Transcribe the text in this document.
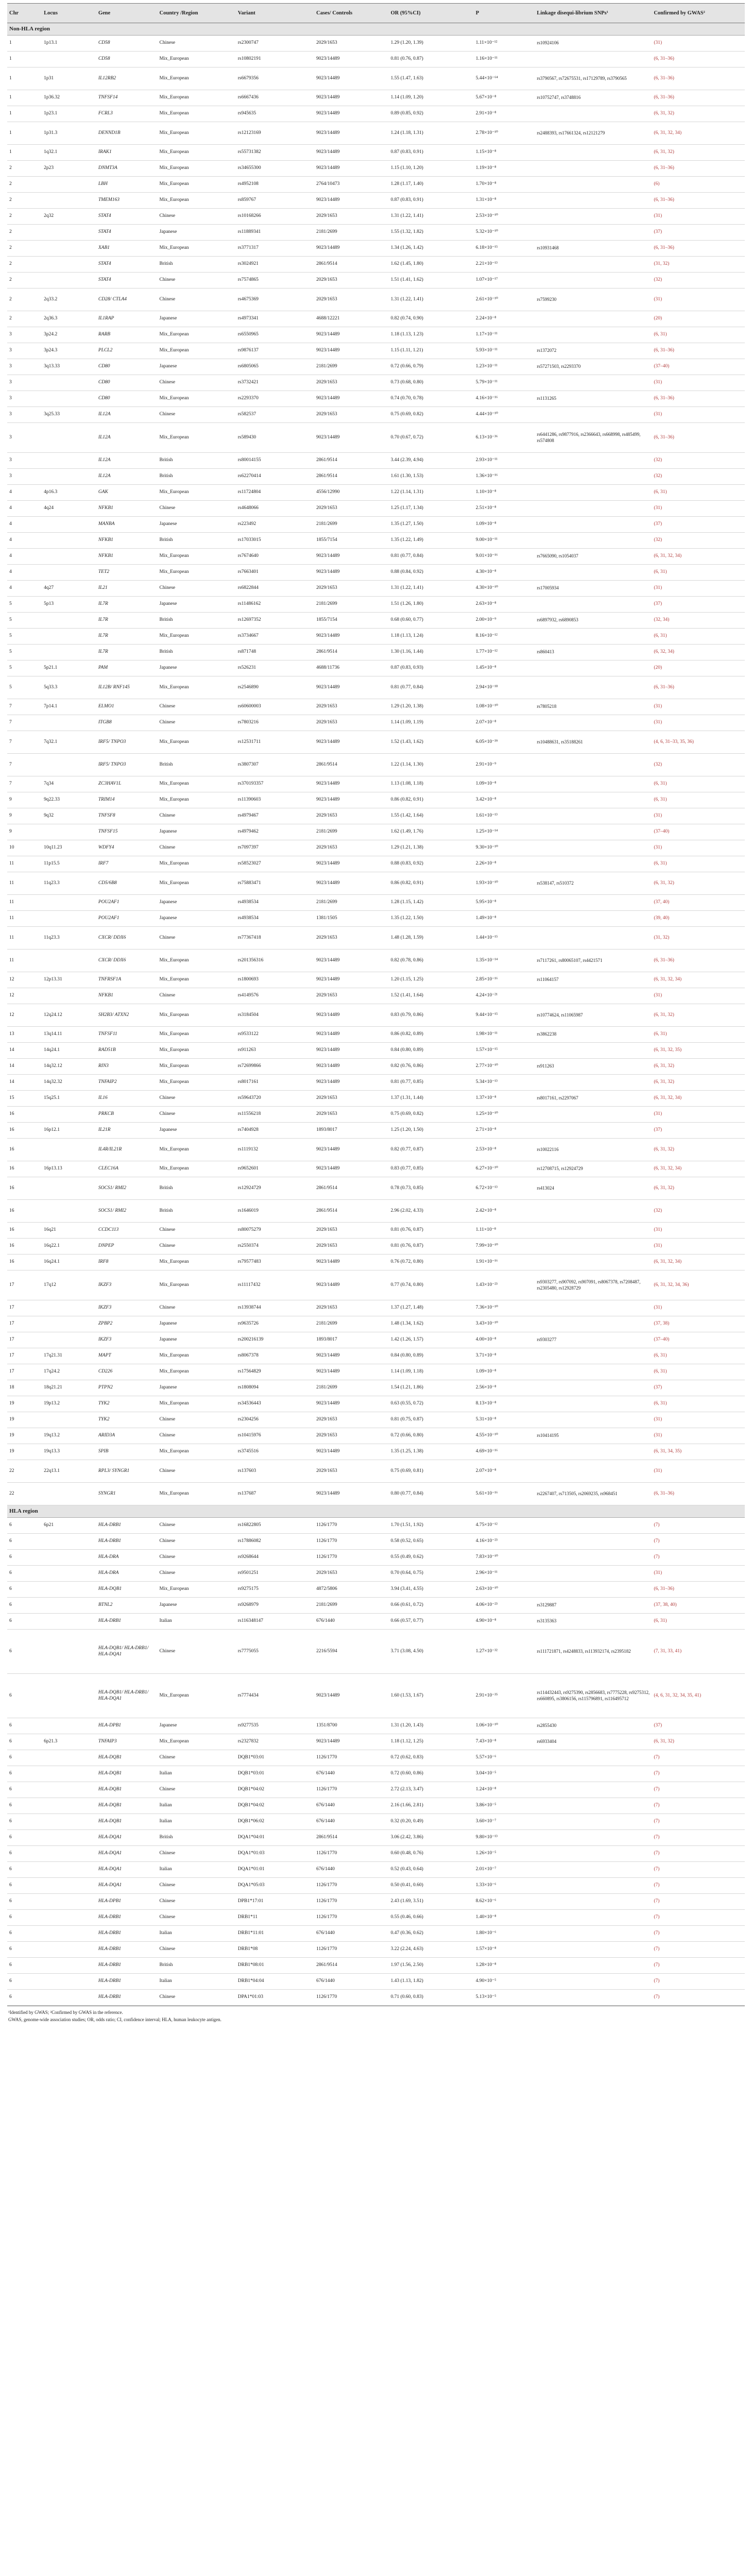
Chr	Locus	Gene	Country /Region	Variant	Cases/ Controls	OR (95%CI)	P	Linkage disequi-librium SNPs¹	Confirmed by GWAS²
Non-HLA region									
1	1p13.1	CD58	Chinese	rs2300747	2029/1653	1.29 (1.20, 1.39)	1.11×10⁻¹²	rs10924106	(31)
1		CD58	Mix_European	rs10802191	9023/14489	0.81 (0.76, 0.87)	1.16×10⁻¹¹		(6, 31–36)
1	1p31	IL12RB2	Mix_European	rs6679356	9023/14489	1.55 (1.47, 1.63)	5.44×10⁻⁶⁴	rs3790567, rs72675531, rs17129789, rs3790565	(6, 31–36)
1	1p36.32	TNFSF14	Mix_European	rs6667436	9023/14489	1.14 (1.09, 1.20)	5.67×10⁻⁸	rs10752747, rs3748816	(6, 31–36)
1	1p23.1	FCRL3	Mix_European	rs945635	9023/14489	0.89 (0.85, 0.92)	2.91×10⁻⁸		(6, 31, 32)
1	1p31.3	DENND1B	Mix_European	rs12123169	9023/14489	1.24 (1.18, 1.31)	2.78×10⁻¹⁰	rs2488393, rs17661324, rs12121279	(6, 31, 32, 34)
1	1q32.1	IRAK1	Mix_European	rs55731382	9023/14489	0.87 (0.83, 0.91)	1.15×10⁻⁸		(6, 31, 32)
2	2p23	DNMT3A	Mix_European	rs34655300	9023/14489	1.15 (1.10, 1.20)	1.19×10⁻⁸		(6, 31–36)
2		LBH	Mix_European	rs4952108	2764/10473	1.28 (1.17, 1.40)	1.70×10⁻⁸		(6)
2		TMEM163	Mix_European	rs859767	9023/14489	0.87 (0.83, 0.91)	1.31×10⁻⁸		(6, 31–36)
2	2q32	STAT4	Chinese	rs10168266	2029/1653	1.31 (1.22, 1.41)	2.53×10⁻¹⁰		(31)
2		STAT4	Japanese	rs11889341	2181/2699	1.55 (1.32, 1.82)	5.32×10⁻¹⁰		(37)
2		XAB1	Mix_European	rs3771317	9023/14489	1.34 (1.26, 1.42)	6.18×10⁻¹⁵	rs10931468	(6, 31–36)
2		STAT4	British	rs3024921	2861/9514	1.62 (1.45, 1.80)	2.21×10⁻¹³		(31, 32)
2		STAT4	Chinese	rs7574865	2029/1653	1.51 (1.41, 1.62)	1.07×10⁻¹⁷		(32)
2	2q33.2	CD28/ CTLA4	Chinese	rs4675369	2029/1653	1.31 (1.22, 1.41)	2.61×10⁻¹⁰	rs7599230	(31)
2	2q36.3	IL1RAP	Japanese	rs4973341	4688/12221	0.82 (0.74, 0.90)	2.24×10⁻⁸		(20)
3	3p24.2	RARB	Mix_European	rs6550965	9023/14489	1.18 (1.13, 1.23)	1.17×10⁻¹¹		(6, 31)
3	3p24.3	PLCL2	Mix_European	rs9876137	9023/14489	1.15 (1.11, 1.21)	5.93×10⁻¹¹	rs1372072	(6, 31–36)
3	3q13.33	CD80	Japanese	rs6805065	2181/2699	0.72 (0.66, 0.79)	1.23×10⁻¹¹	rs57271503, rs2293370	(37–40)
3		CD80	Chinese	rs3732421	2029/1653	0.73 (0.68, 0.80)	5.79×10⁻¹¹		(31)
3		CD80	Mix_European	rs2293370	9023/14489	0.74 (0.70, 0.78)	4.16×10⁻¹⁶	rs1131265	(6, 31–36)
3	3q25.33	IL12A	Chinese	rs582537	2029/1653	0.75 (0.69, 0.82)	4.44×10⁻¹⁰		(31)
3		IL12A	Mix_European	rs589430	9023/14489	0.70 (0.67, 0.72)	6.13×10⁻³⁶	rs6441286, rs9877916, rs2366643, rs668998, rs485499, rs574808	(6, 31–36)
3		IL12A	British	rs80014155	2861/9514	3.44 (2.39, 4.94)	2.93×10⁻¹¹		(32)
3		IL12A	British	rs62270414	2861/9514	1.61 (1.30, 1.53)	1.36×10⁻¹⁶		(32)
4	4p16.3	GAK	Mix_European	rs11724804	4556/12990	1.22 (1.14, 1.31)	1.10×10⁻⁸		(6, 31)
4	4q24	NFKB1	Chinese	rs4648066	2029/1653	1.25 (1.17, 1.34)	2.51×10⁻⁸		(31)
4		MANBA	Japanese	rs223492	2181/2699	1.35 (1.27, 1.50)	1.09×10⁻⁸		(37)
4		NFKB1	British	rs17033015	1855/7154	1.35 (1.22, 1.49)	9.00×10⁻¹¹		(32)
4		NFKB1	Mix_European	rs7674640	9023/14489	0.81 (0.77, 0.84)	9.01×10⁻¹⁶	rs7665090, rs1054037	(6, 31, 32, 34)
4		TET2	Mix_European	rs7663401	9023/14489	0.88 (0.84, 0.92)	4.30×10⁻⁸		(6, 31)
4	4q27	IL21	Chinese	rs6822844	2029/1653	1.31 (1.22, 1.41)	4.30×10⁻¹⁰	rs17005934	(31)
5	5p13	IL7R	Japanese	rs11486162	2181/2699	1.51 (1.26, 1.80)	2.63×10⁻⁸		(37)
5		IL7R	British	rs12697352	1855/7154	0.68 (0.60, 0.77)	2.00×10⁻⁹	rs6897932, rs6890853	(32, 34)
5		IL7R	Mix_European	rs3734667	9023/14489	1.18 (1.13, 1.24)	8.16×10⁻¹²		(6, 31)
5		IL7R	British	rs871748	2861/9514	1.30 (1.16, 1.44)	1.77×10⁻¹²	rs860413	(6, 32, 34)
5	5p21.1	PAM	Japanese	rs526231	4688/11736	0.87 (0.83, 0.93)	1.45×10⁻⁸		(20)
5	5q33.3	IL12B/ RNF145	Mix_European	rs2546890	9023/14489	0.81 (0.77, 0.84)	2.94×10⁻¹⁸		(6, 31–36)
7	7p14.1	ELMO1	Chinese	rs60600003	2029/1653	1.29 (1.20, 1.38)	1.08×10⁻¹⁰	rs7805218	(31)
7		ITGB8	Chinese	rs7803216	2029/1653	1.14 (1.09, 1.19)	2.07×10⁻⁸		(31)
7	7q32.1	IRF5/ TNPO3	Mix_European	rs12531711	9023/14489	1.52 (1.43, 1.62)	6.05×10⁻³⁹	rs10488631, rs35188261	(4, 6, 31–33, 35, 36)
7		IRF5/ TNPO3	British	rs3807307	2861/9514	1.22 (1.14, 1.30)	2.91×10⁻⁹		(32)
7	7q34	ZC3HAV1L	Mix_European	rs370193357	9023/14489	1.13 (1.08, 1.18)	1.09×10⁻⁸		(6, 31)
9	9q22.33	TRIM14	Mix_European	rs11390603	9023/14489	0.86 (0.82, 0.91)	3.42×10⁻⁸		(6, 31)
9	9q32	TNFSF8	Chinese	rs4979467	2029/1653	1.55 (1.42, 1.64)	1.61×10⁻¹³		(31)
9		TNFSF15	Japanese	rs4979462	2181/2699	1.62 (1.49, 1.76)	1.25×10⁻¹⁴		(37–40)
10	10q11.23	WDFY4	Chinese	rs7097397	2029/1653	1.29 (1.21, 1.38)	9.30×10⁻¹⁰		(31)
11	11p15.5	IRF7	Mix_European	rs58523027	9023/14489	0.88 (0.83, 0.92)	2.26×10⁻⁸		(6, 31)
11	11q23.3	CD5/6B8	Mix_European	rs75883471	9023/14489	0.86 (0.82, 0.91)	1.93×10⁻¹⁰	rs538147, rs510372	(6, 31, 32)
11		POU2AF1	Japanese	rs4938534	2181/2699	1.28 (1.15, 1.42)	5.95×10⁻⁸		(37, 40)
11		POU2AF1	Japanese	rs4938534	1381/1505	1.35 (1.22, 1.50)	1.49×10⁻⁸		(39, 40)
11	11q23.3	CXCR/ DDX6	Chinese	rs77367418	2029/1653	1.48 (1.28, 1.59)	1.44×10⁻¹⁵		(31, 32)
11		CXCR/ DDX6	Mix_European	rs201356316	9023/14489	0.82 (0.78, 0.86)	1.35×10⁻¹⁴	rs7117261, rs80065107, rs4421571	(6, 31–36)
12	12p13.31	TNFRSF1A	Mix_European	rs1800693	9023/14489	1.20 (1.15, 1.25)	2.85×10⁻¹⁶	rs11064157	(6, 31, 32, 34)
12		NFKB1	Chinese	rs4149576	2029/1653	1.52 (1.41, 1.64)	4.24×10⁻²¹		(31)
12	12q24.12	SH2B3/ ATXN2	Mix_European	rs3184504	9023/14489	0.83 (0.79, 0.86)	9.44×10⁻¹⁵	rs10774624, rs11065987	(6, 31, 32)
13	13q14.11	TNFSF11	Mix_European	rs9533122	9023/14489	0.86 (0.82, 0.89)	1.98×10⁻¹¹	rs3862238	(6, 31)
14	14q24.1	RAD51B	Mix_European	rs911263	9023/14489	0.84 (0.80, 0.89)	1.57×10⁻¹⁵		(6, 31, 32, 35)
14	14q32.12	RIN3	Mix_European	rs72699866	9023/14489	0.82 (0.76, 0.86)	2.77×10⁻¹⁰	rs911263	(6, 31, 32)
14	14q32.32	TNFAIP2	Mix_European	rs8017161	9023/14489	0.81 (0.77, 0.85)	5.34×10⁻¹³		(6, 31, 32)
15	15q25.1	IL16	Chinese	rs59643720	2029/1653	1.37 (1.31, 1.44)	1.37×10⁻⁸	rs8017161, rs2297067	(6, 31, 32, 34)
16		PRKCB	Chinese	rs11556218	2029/1653	0.75 (0.69, 0.82)	1.25×10⁻¹⁰		(31)
16	16p12.1	IL21R	Japanese	rs7404928	1893/8017	1.25 (1.20, 1.50)	2.71×10⁻⁸		(37)
16		IL4R/IL21R	Mix_European	rs1119132	9023/14489	0.82 (0.77, 0.87)	2.53×10⁻⁸	rs10022116	(6, 31, 32)
16	16p13.13	CLEC16A	Mix_European	rs9652601	9023/14489	0.83 (0.77, 0.85)	6.27×10⁻¹⁰	rs12708715, rs12924729	(6, 31, 32, 34)
16		SOCS1/ RMI2	British	rs12924729	2861/9514	0.78 (0.73, 0.85)	6.72×10⁻¹³	rs413024	(6, 31, 32)
16		SOCS1/ RMI2	British	rs1646019	2861/9514	2.96 (2.02, 4.33)	2.42×10⁻⁸		(32)
16	16q21	CCDC113	Chinese	rs80075279	2029/1653	0.81 (0.76, 0.87)	1.11×10⁻⁸		(31)
16	16q22.1	DNPEP	Chinese	rs2550374	2029/1653	0.81 (0.76, 0.87)	7.99×10⁻¹⁰		(31)
16	16q24.1	IRF8	Mix_European	rs79577483	9023/14489	0.76 (0.72, 0.80)	1.91×10⁻¹⁶		(6, 31, 32, 34)
17	17q12	IKZF3	Mix_European	rs11117432	9023/14489	0.77 (0.74, 0.80)	1.43×10⁻²³	rs9303277, rs907092, rs907091, rs8067378, rs7208487, rs2305480, rs12928729	(6, 31, 32, 34, 36)
17		IKZF3	Chinese	rs13938744	2029/1653	1.37 (1.27, 1.48)	7.36×10⁻¹⁰		(31)
17		ZPBP2	Japanese	rs9635726	2181/2699	1.48 (1.34, 1.62)	3.43×10⁻¹⁰		(37, 38)
17		IKZF3	Japanese	rs200216139	1893/8017	1.42 (1.26, 1.57)	4.00×10⁻⁸	rs9303277	(37–40)
17	17q21.31	MAPT	Mix_European	rs8067378	9023/14489	0.84 (0.80, 0.89)	3.71×10⁻⁸		(6, 31)
17	17q24.2	CD226	Mix_European	rs17564829	9023/14489	1.14 (1.09, 1.18)	1.09×10⁻⁸		(6, 31)
18	18q21.21	PTPN2	Japanese	rs1808094	2181/2699	1.54 (1.21, 1.86)	2.56×10⁻⁸		(37)
19	19p13.2	TYK2	Mix_European	rs34536443	9023/14489	0.63 (0.55, 0.72)	8.13×10⁻⁸		(6, 31)
19		TYK2	Chinese	rs2304256	2029/1653	0.81 (0.75, 0.87)	5.31×10⁻⁸		(31)
19	19q13.2	ARID3A	Chinese	rs10415976	2029/1653	0.72 (0.66, 0.80)	4.55×10⁻¹⁰	rs10414195	(31)
19	19q13.3	SPIB	Mix_European	rs3745516	9023/14489	1.35 (1.25, 1.38)	4.69×10⁻¹⁶		(6, 31, 34, 35)
22	22q13.1	RPL3/ SYNGR1	Chinese	rs137603	2029/1653	0.75 (0.69, 0.81)	2.07×10⁻⁸		(31)
22		SYNGR1	Mix_European	rs137687	9023/14489	0.80 (0.77, 0.84)	5.61×10⁻¹⁶	rs2267407, rs713505, rs2069235, rs968451	(6, 31–36)
HLA region									
6	6p21	HLA-DRB1	Chinese	rs16822805	1126/1770	1.70 (1.51, 1.92)	4.75×10⁻¹²		(7)
6		HLA-DRB1	Chinese	rs17886082	1126/1770	0.58 (0.52, 0.65)	4.16×10⁻²³		(7)
6		HLA-DRA	Chinese	rs9268644	1126/1770	0.55 (0.49, 0.62)	7.83×10⁻¹⁰		(7)
6		HLA-DRA	Chinese	rs9501251	2029/1653	0.70 (0.64, 0.75)	2.96×10⁻¹¹		(31)
6		HLA-DQB1	Mix_European	rs9275175	4872/5806	3.94 (3.41, 4.55)	2.63×10⁻¹⁰		(6, 31–36)
6		BTNL2	Japanese	rs9268979	2181/2699	0.66 (0.61, 0.72)	4.06×10⁻²³	rs3129887	(37, 38, 40)
6		HLA-DRB1	Italian	rs116348147	676/1440	0.66 (0.57, 0.77)	4.90×10⁻⁸	rs3135363	(6, 31)
6		HLA-DQB1/ HLA-DRB1/ HLA-DQA1	Chinese	rs7775055	2216/5594	3.71 (3.08, 4.50)	1.27×10⁻³²	rs111721871, rs4248833, rs113932174, rs2395182	(7, 31, 33, 41)
6		HLA-DQB1/ HLA-DRB1/ HLA-DQA1	Mix_European	rs7774434	9023/14489	1.60 (1.53, 1.67)	2.91×10⁻³⁵	rs114432443, rs9275390, rs2856683, rs7775228, rs9275312, rs660895, rs3806156, rs115796891, rs116495712	(4, 6, 31, 32, 34, 35, 41)
6		HLA-DPB1	Japanese	rs9277535	1351/8700	1.31 (1.20, 1.43)	1.06×10⁻¹⁰	rs2855430	(37)
6	6p21.3	TNFAIP3	Mix_European	rs2327832	9023/14489	1.18 (1.12, 1.25)	7.43×10⁻⁸	rs6933404	(6, 31, 32)
6		HLA-DQB1	Chinese	DQB1*03:01	1126/1770	0.72 (0.62, 0.83)	5.57×10⁻⁶		(7)
6		HLA-DQB1	Italian	DQB1*03:01	676/1440	0.72 (0.60, 0.86)	3.04×10⁻⁵		(7)
6		HLA-DQB1	Chinese	DQB1*04:02	1126/1770	2.72 (2.13, 3.47)	1.24×10⁻⁸		(7)
6		HLA-DQB1	Italian	DQB1*04:02	676/1440	2.16 (1.66, 2.81)	3.86×10⁻⁵		(7)
6		HLA-DQB1	Italian	DQB1*06:02	676/1440	0.32 (0.20, 0.49)	3.60×10⁻⁷		(7)
6		HLA-DQA1	British	DQA1*04:01	2861/9514	3.06 (2.42, 3.86)	9.80×10⁻¹³		(7)
6		HLA-DQA1	Chinese	DQA1*01:03	1126/1770	0.60 (0.48, 0.76)	1.26×10⁻⁵		(7)
6		HLA-DQA1	Italian	DQA1*01:01	676/1440	0.52 (0.43, 0.64)	2.01×10⁻⁷		(7)
6		HLA-DQA1	Chinese	DQA1*05:03	1126/1770	0.50 (0.41, 0.60)	1.33×10⁻⁶		(7)
6		HLA-DPB1	Chinese	DPB1*17:01	1126/1770	2.43 (1.69, 3.51)	8.62×10⁻⁶		(7)
6		HLA-DRB1	Chinese	DRB1*11	1126/1770	0.55 (0.46, 0.66)	1.40×10⁻⁸		(7)
6		HLA-DRB1	Italian	DRB1*11:01	676/1440	0.47 (0.36, 0.62)	1.80×10⁻⁶		(7)
6		HLA-DRB1	Chinese	DRB1*08	1126/1770	3.22 (2.24, 4.63)	1.57×10⁻⁸		(7)
6		HLA-DRB1	British	DRB1*08:01	2861/9514	1.97 (1.56, 2.50)	1.28×10⁻⁸		(7)
6		HLA-DRB1	Italian	DRB1*04:04	676/1440	1.43 (1.13, 1.82)	4.90×10⁻⁵		(7)
6		HLA-DRB1	Chinese	DPA1*01:03	1126/1770	0.71 (0.60, 0.83)	5.13×10⁻⁵		(7)
¹Identified by GWAS; ²Confirmed by GWAS in the reference.
GWAS, genome-wide association studies; OR, odds ratio; CI, confidence interval; HLA, human leukocyte antigen.
